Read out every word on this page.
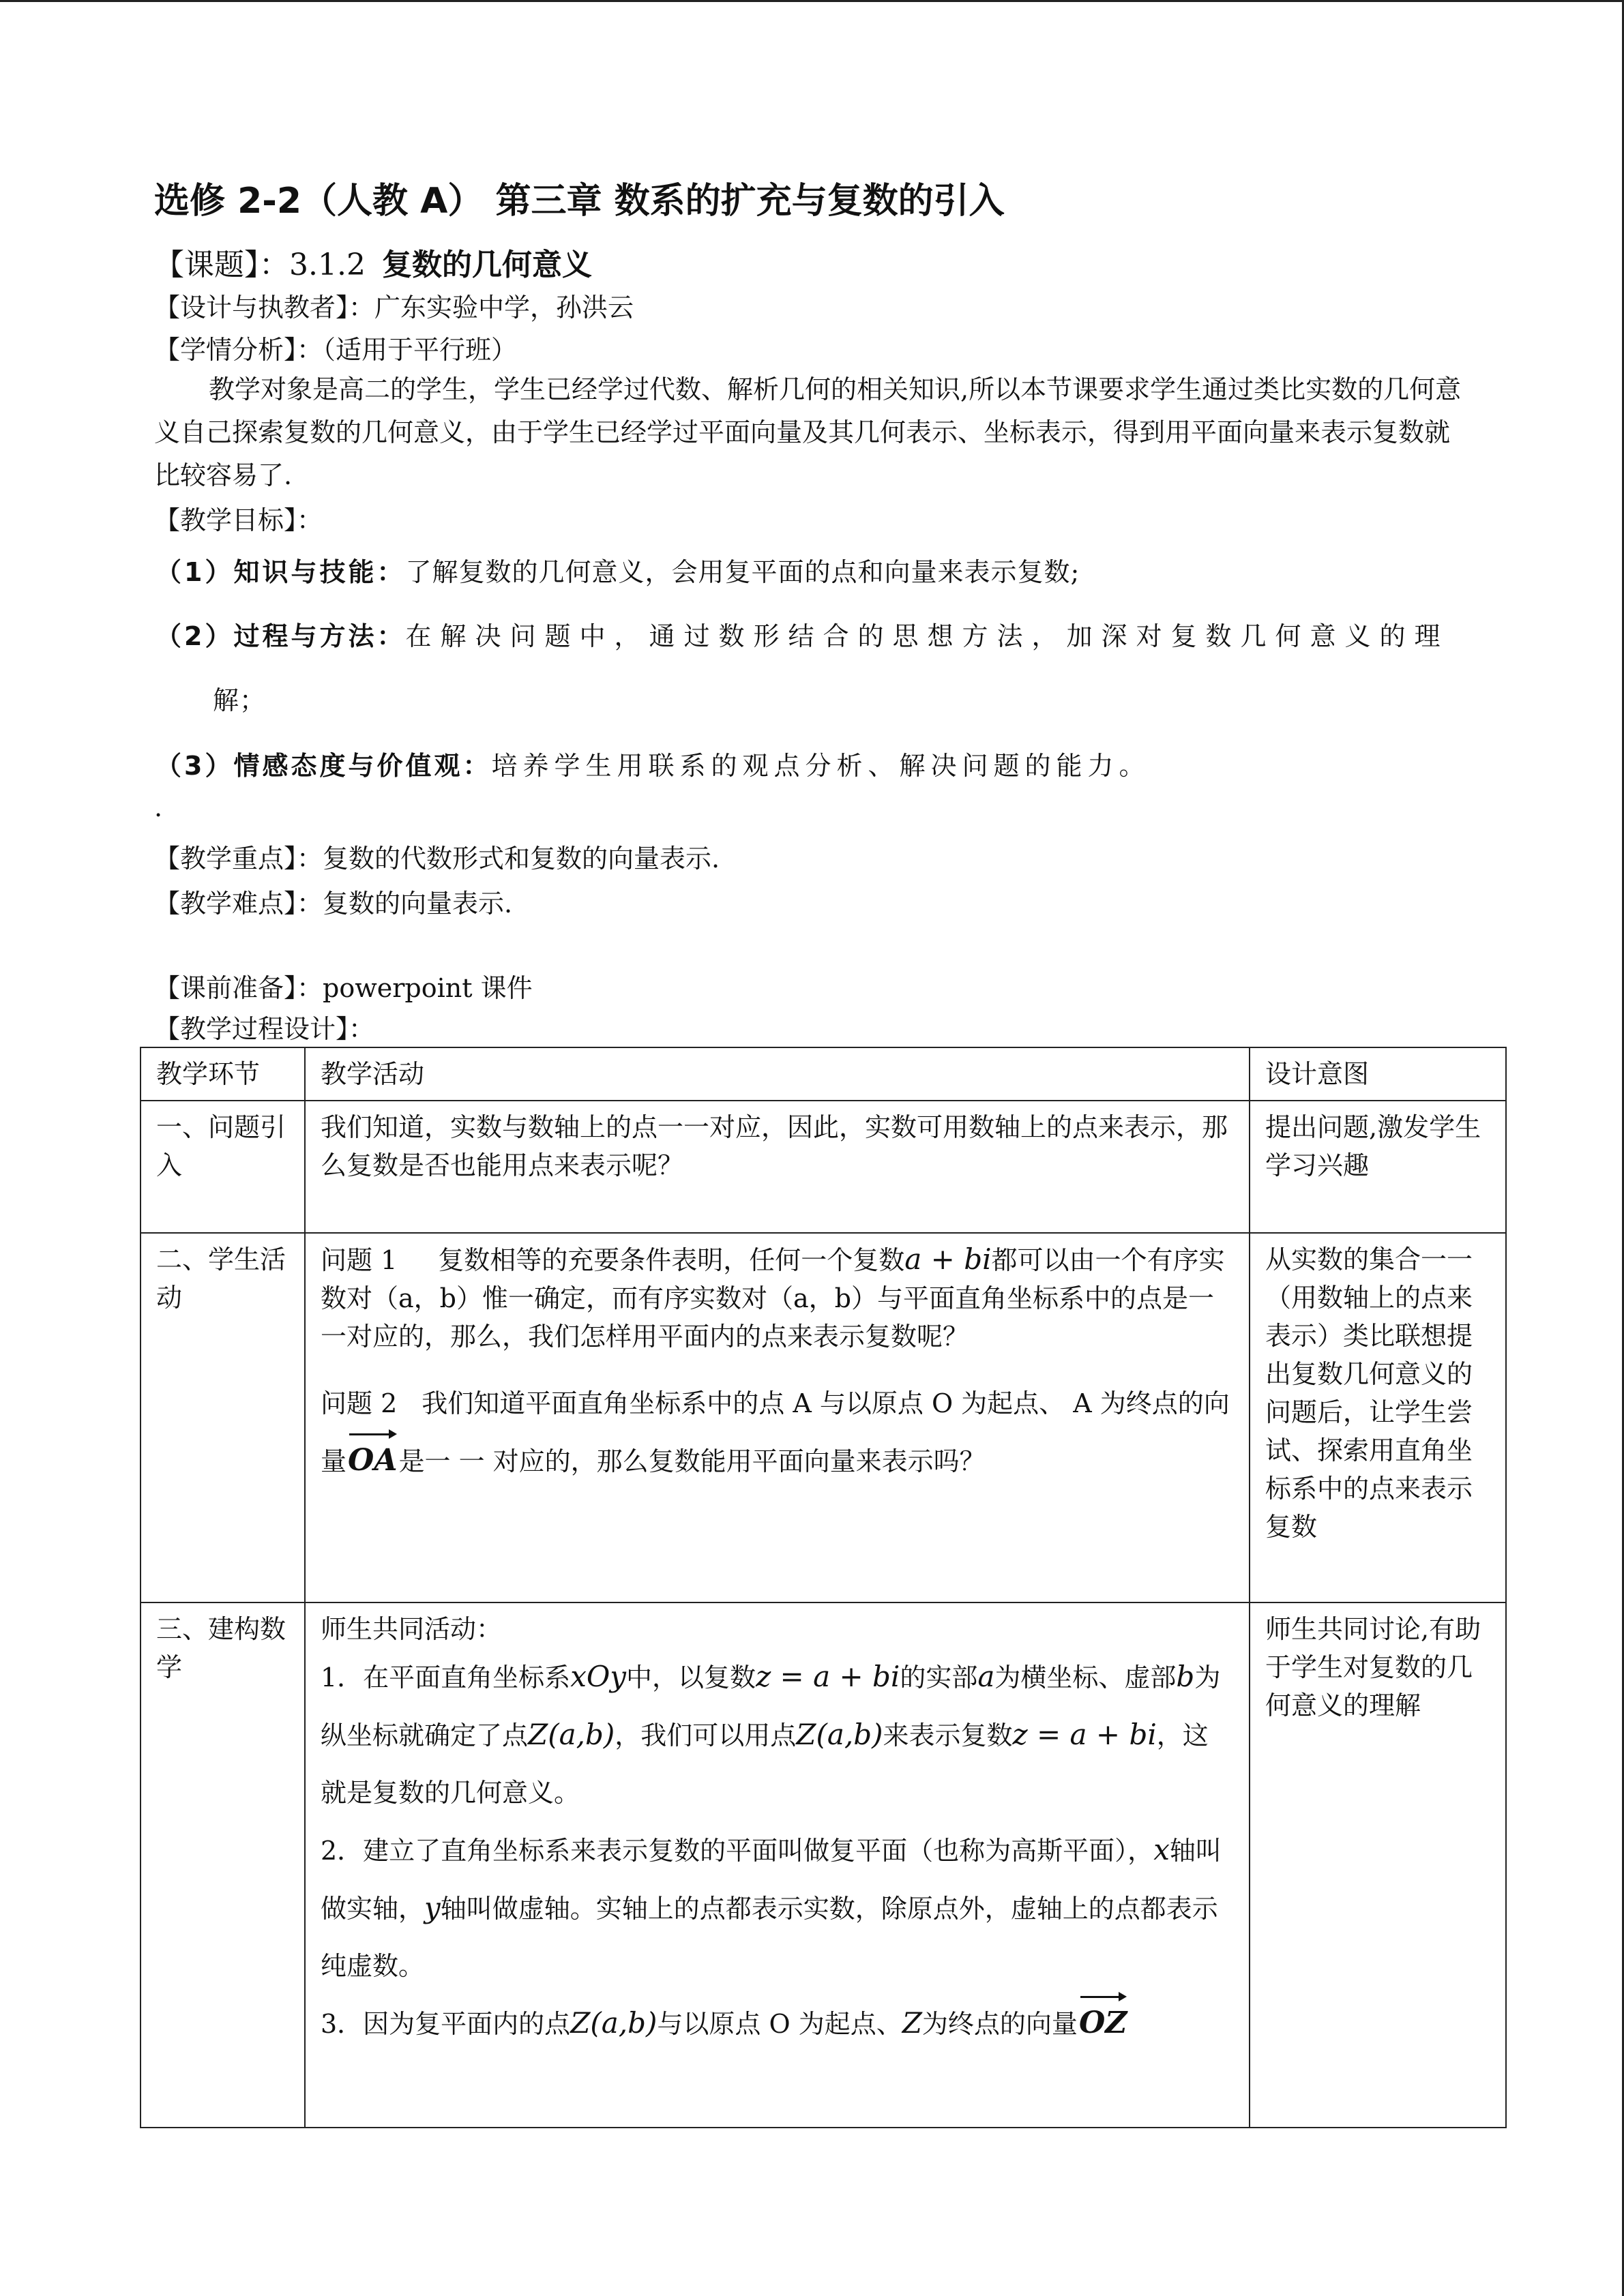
选修 2-2（人教 A） 第三章 数系的扩充与复数的引入
【课题】：3.1.2 复数的几何意义
【设计与执教者】：广东实验中学，孙洪云
【学情分析】：（适用于平行班）
教学对象是高二的学生，学生已经学过代数、解析几何的相关知识,所以本节课要求学生通过类比实数的几何意义自己探索复数的几何意义，由于学生已经学过平面向量及其几何表示、坐标表示，得到用平面向量来表示复数就比较容易了.
【教学目标】：
（1）知识与技能：了解复数的几何意义，会用复平面的点和向量来表示复数;
（2）过程与方法：在解决问题中，通过数形结合的思想方法，加深对复数几何意义的理
解；
（3）情感态度与价值观：培养学生用联系的观点分析、解决问题的能力。
.
【教学重点】：复数的代数形式和复数的向量表示.
【教学难点】：复数的向量表示.
【课前准备】：powerpoint 课件
【教学过程设计】：
教学环节	教学活动	设计意图
一、问题引入	我们知道，实数与数轴上的点一一对应，因此，实数可用数轴上的点来表示，那么复数是否也能用点来表示呢？	提出问题,激发学生学习兴趣
二、学生活动	问题 1 复数相等的充要条件表明，任何一个复数a + bi都可以由一个有序实数对（a，b）惟一确定，而有序实数对（a，b）与平面直角坐标系中的点是一 一对应的，那么，我们怎样用平面内的点来表示复数呢？
问题 2 我们知道平面直角坐标系中的点 A 与以原点 O 为起点、 A 为终点的向量OA是一 一 对应的，那么复数能用平面向量来表示吗？	从实数的集合一一（用数轴上的点来表示）类比联想提出复数几何意义的问题后，让学生尝试、探索用直角坐标系中的点来表示复数
三、建构数学	师生共同活动：
1．在平面直角坐标系xOy中，以复数z = a + bi的实部a为横坐标、虚部b为纵坐标就确定了点Z(a,b)，我们可以用点Z(a,b)来表示复数z = a + bi，这就是复数的几何意义。
2．建立了直角坐标系来表示复数的平面叫做复平面（也称为高斯平面），x轴叫做实轴，y轴叫做虚轴。实轴上的点都表示实数，除原点外，虚轴上的点都表示纯虚数。
3．因为复平面内的点Z(a,b)与以原点 O 为起点、Z为终点的向量OZ	师生共同讨论,有助于学生对复数的几何意义的理解
